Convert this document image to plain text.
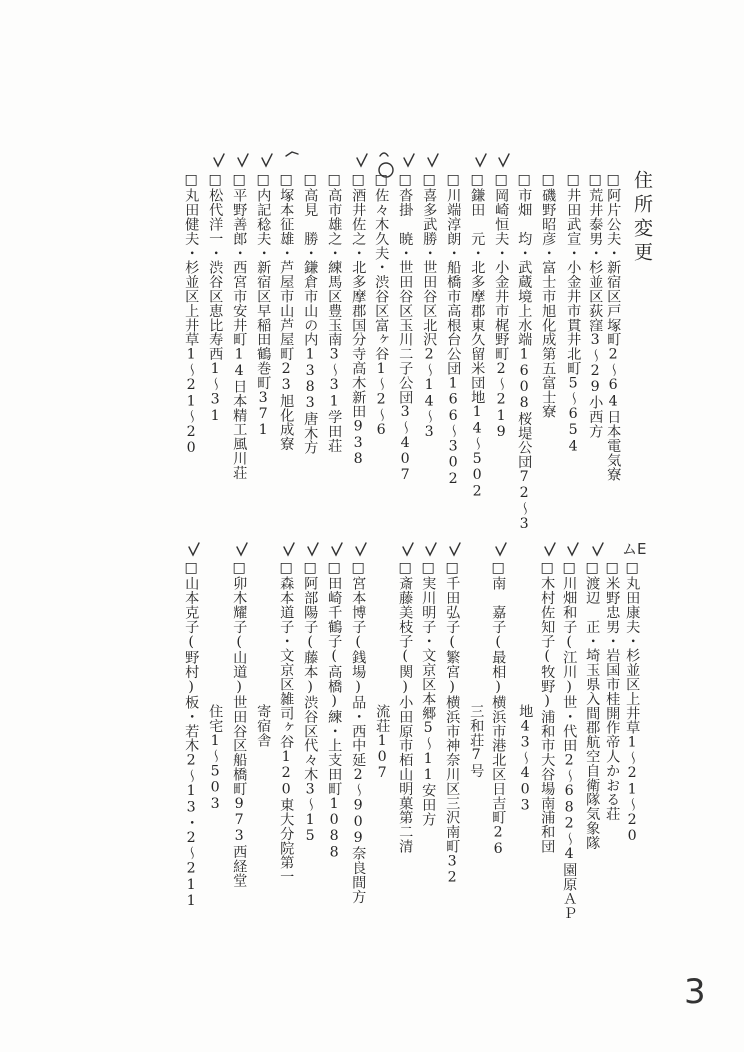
住所変更
□阿片公夫・新宿区戸塚町2～64日本電気寮
□荒井泰男・杉並区荻窪3～29小西方
□井田武宣・小金井市貫井北町5～654
□磯野昭彦・富士市旭化成第五富士寮
□市畑　均・武蔵境上水端1608桜堤公団72～3
□岡崎恒夫・小金井市梶野町2～219
□鎌田　元・北多摩郡東久留米団地14～502
□川端淳朗・船橋市高根台公団166～302
□喜多武勝・世田谷区北沢2～14～3
□沓掛　暁・世田谷区玉川二子公団3～407
□佐々木久夫・渋谷区富ヶ谷1～2～6
□酒井佐之・北多摩郡国分寺高木新田938
□高市雄之・練馬区豊玉南3～31学田荘
□高見　勝・鎌倉市山の内1383唐木方
□塚本征雄・芦屋市山芦屋町23旭化成寮
□内記稔夫・新宿区早稲田鶴巻町371
□平野善郎・西宮市安井町14日本精工風川荘
□松代洋一・渋谷区恵比寿西1～31
□丸田健夫・杉並区上井草1～21～20
ムE
□丸田康夫・杉並区上井草1～21～20
□米野忠男・岩国市桂開作帝人かおる荘
□渡辺　正・埼玉県入間郡航空自衛隊気象隊
□川畑和子(江川)世・代田2～682～4園原ＡＰ
□木村佐知子(牧野)浦和市大谷場南浦和団
　　　　　　　　　　地43～403
□南　嘉子(最相)横浜市港北区日吉町26
　　　　　　　　　　三和荘7号
□千田弘子(繁宮)横浜市神奈川区三沢南町32
□実川明子・文京区本郷5～11安田方
□斎藤美枝子(関)小田原市栢山明菓第二清
　　　　　　　　　　流荘107
□宮本博子(銭場)品・西中延2～909奈良間方
□田崎千鶴子(高橋)練・上支田町1088
□阿部陽子(藤本)渋谷区代々木3～15
□森本道子・文京区雑司ヶ谷120東大分院第一
　　　　　　　　　　寄宿舎
□卯木耀子(山道)世田谷区船橋町973西経堂
　　　　　　　　　　住宅1～503
□山本克子(野村)板・若木2～13・2～211
3
